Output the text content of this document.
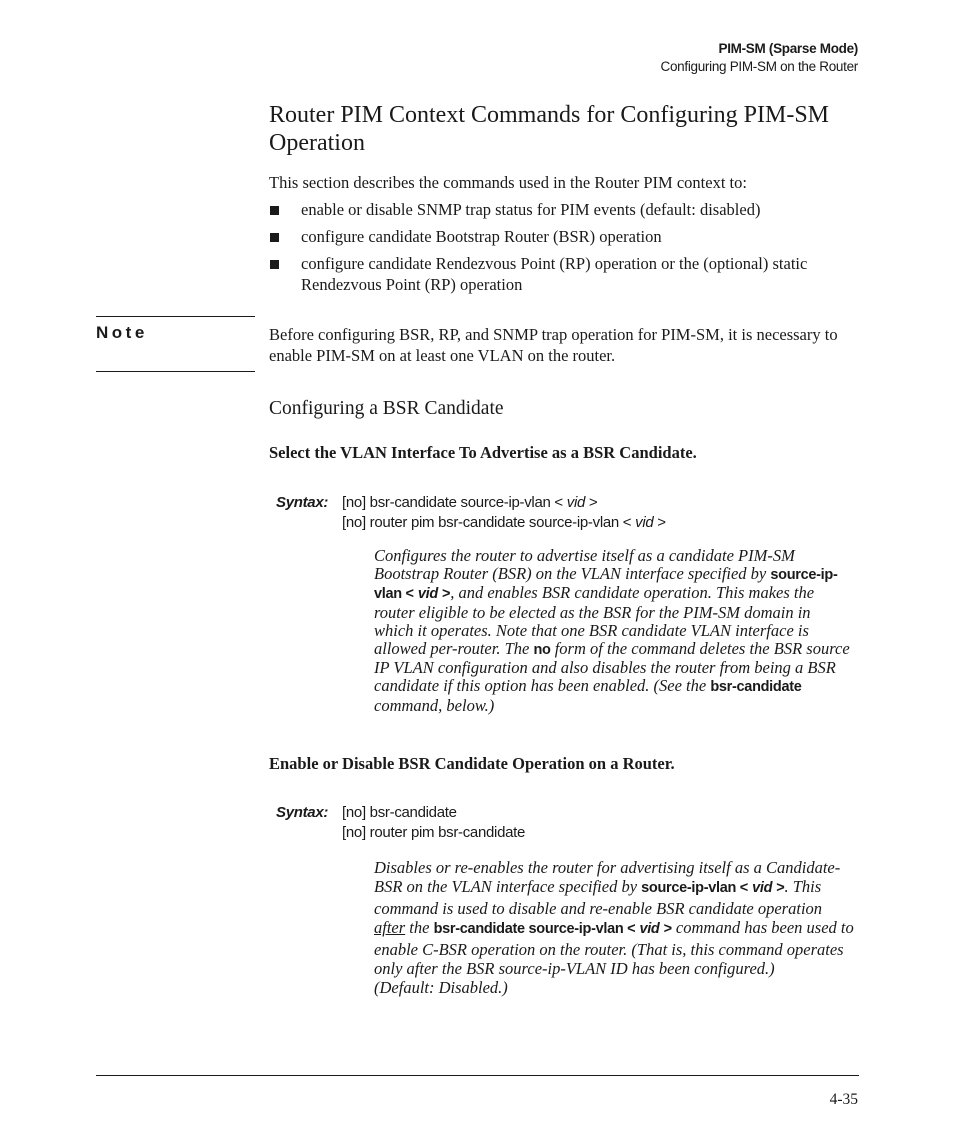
PIM-SM (Sparse Mode)
Configuring PIM-SM on the Router
Router PIM Context Commands for Configuring PIM-SM Operation
This section describes the commands used in the Router PIM context to:
enable or disable SNMP trap status for PIM events (default: disabled)
configure candidate Bootstrap Router (BSR) operation
configure candidate Rendezvous Point (RP) operation or the (optional) static Rendezvous Point (RP) operation
Note	Before configuring BSR, RP, and SNMP trap operation for PIM-SM, it is necessary to enable PIM-SM on at least one VLAN on the router.
Configuring a BSR Candidate
Select the VLAN Interface To Advertise as a BSR Candidate.
Syntax: [no] bsr-candidate source-ip-vlan < vid >
[no] router pim bsr-candidate source-ip-vlan < vid >
Configures the router to advertise itself as a candidate PIM-SM Bootstrap Router (BSR) on the VLAN interface specified by source-ip-vlan < vid >, and enables BSR candidate operation. This makes the router eligible to be elected as the BSR for the PIM-SM domain in which it operates. Note that one BSR candidate VLAN interface is allowed per-router. The no form of the command deletes the BSR source IP VLAN configuration and also disables the router from being a BSR candidate if this option has been enabled. (See the bsr-candidate command, below.)
Enable or Disable BSR Candidate Operation on a Router.
Syntax: [no] bsr-candidate
[no] router pim bsr-candidate
Disables or re-enables the router for advertising itself as a Candidate-BSR on the VLAN interface specified by source-ip-vlan < vid >. This command is used to disable and re-enable BSR candidate operation after the bsr-candidate source-ip-vlan < vid > command has been used to enable C-BSR operation on the router. (That is, this command operates only after the BSR source-ip-VLAN ID has been configured.)
(Default: Disabled.)
4-35
